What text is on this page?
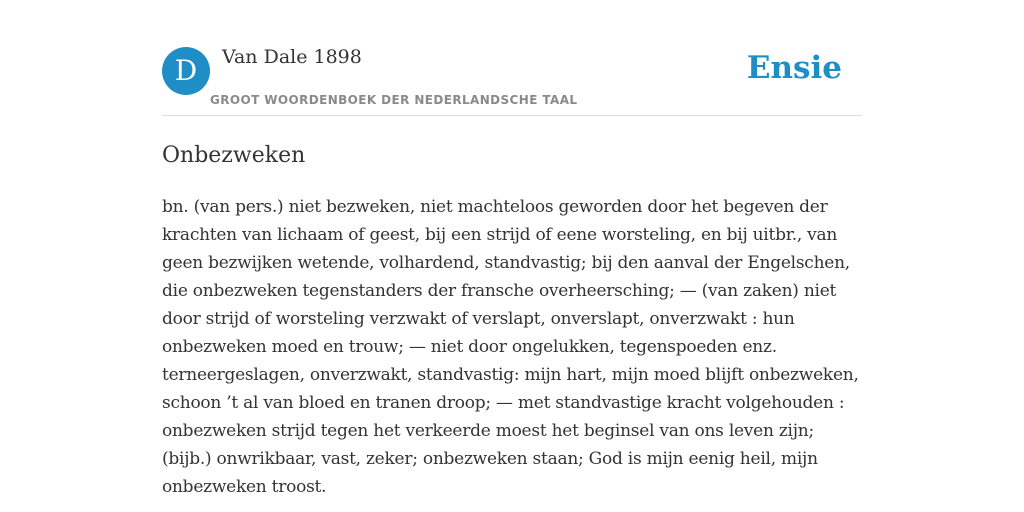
D	Van Dale 1898
GROOT WOORDENBOEK DER NEDERLANDSCHE TAAL
Ensie
Onbezweken

bn. (van pers.) niet bezweken, niet machteloos geworden door het begeven der krachten van lichaam of geest, bij een strijd of eene worsteling, en bij uitbr., van geen bezwijken wetende, volhardend, standvastig; bij den aanval der Engelschen, die onbezweken tegenstanders der fransche overheersching; — (van zaken) niet door strijd of worsteling verzwakt of verslapt, onverslapt, onverzwakt : hun onbezweken moed en trouw; — niet door ongelukken, tegenspoeden enz. terneergeslagen, onverzwakt, standvastig: mijn hart, mijn moed blijft onbezweken, schoon ’t al van bloed en tranen droop; — met standvastige kracht volgehouden : onbezweken strijd tegen het verkeerde moest het beginsel van ons leven zijn; (bijb.) onwrikbaar, vast, zeker; onbezweken staan; God is mijn eenig heil, mijn onbezweken troost.
